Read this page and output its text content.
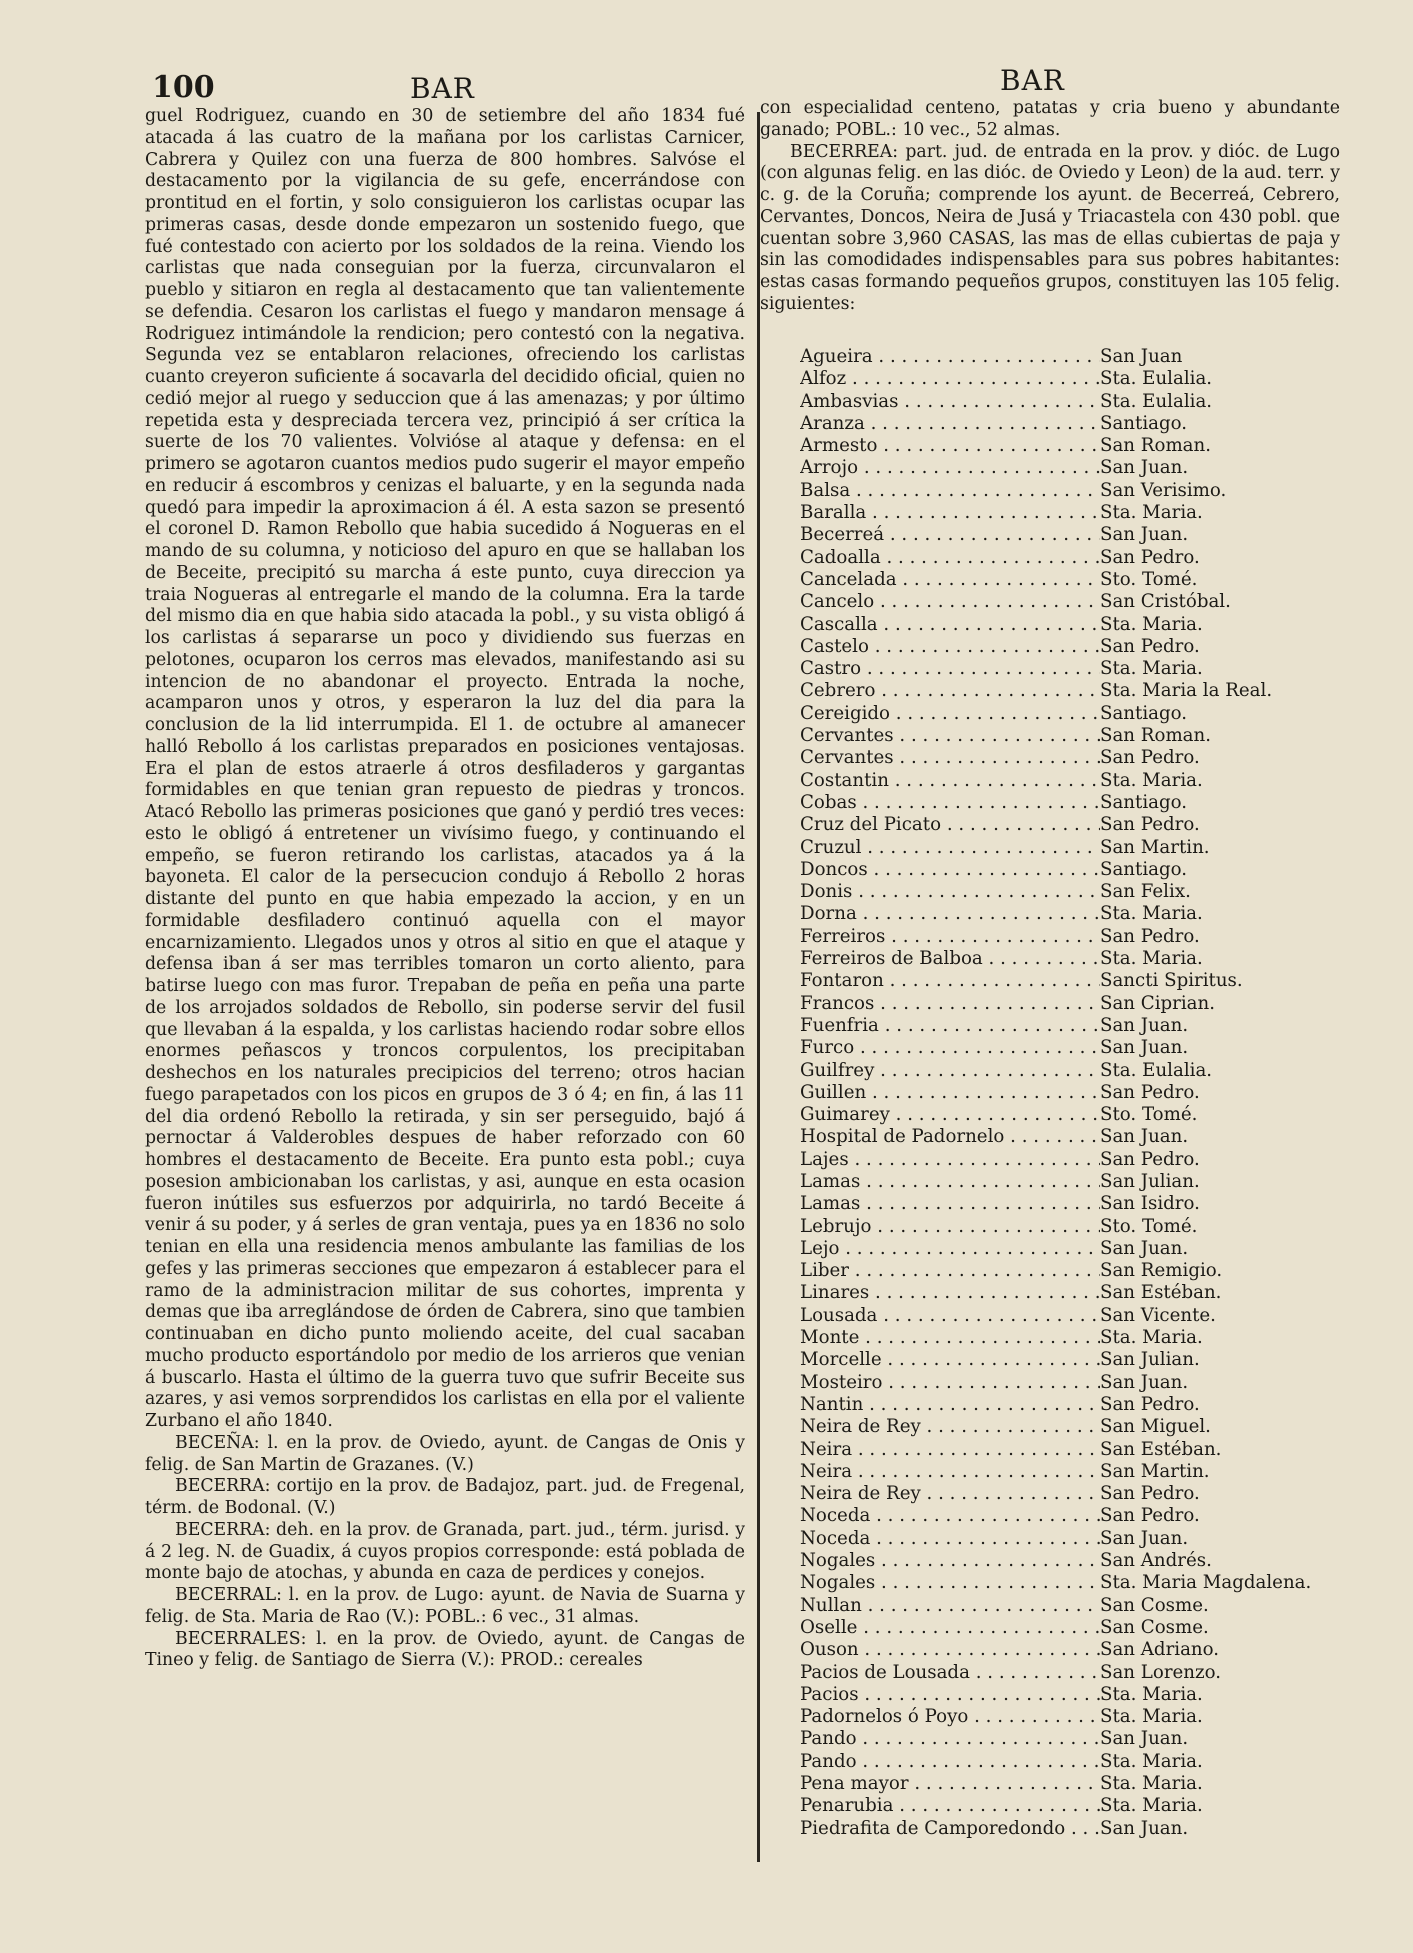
100	BAR	BAR

guel Rodriguez, cuando en 30 de setiembre del año 1834 fué atacada á las cuatro de la mañana por los carlistas Carnicer, Cabrera y Quilez con una fuerza de 800 hombres. Salvóse el destacamento por la vigilancia de su gefe, encerrándose con prontitud en el fortin, y solo consiguieron los carlistas ocupar las primeras casas, desde donde empezaron un sostenido fuego, que fué contestado con acierto por los soldados de la reina. Viendo los carlistas que nada conseguian por la fuerza, circunvalaron el pueblo y sitiaron en regla al destacamento que tan valientemente se defendia. Cesaron los carlistas el fuego y mandaron mensage á Rodriguez intimándole la rendicion; pero contestó con la negativa. Segunda vez se entablaron relaciones, ofreciendo los carlistas cuanto creyeron suficiente á socavarla del decidido oficial, quien no cedió mejor al ruego y seduccion que á las amenazas; y por último repetida esta y despreciada tercera vez, principió á ser crítica la suerte de los 70 valientes. Volvióse al ataque y defensa: en el primero se agotaron cuantos medios pudo sugerir el mayor empeño en reducir á escombros y cenizas el baluarte, y en la segunda nada quedó para impedir la aproximacion á él. A esta sazon se presentó el coronel D. Ramon Rebollo que habia sucedido á Nogueras en el mando de su columna, y noticioso del apuro en que se hallaban los de Beceite, precipitó su marcha á este punto, cuya direccion ya traia Nogueras al entregarle el mando de la columna. Era la tarde del mismo dia en que habia sido atacada la pobl., y su vista obligó á los carlistas á separarse un poco y dividiendo sus fuerzas en pelotones, ocuparon los cerros mas elevados, manifestando asi su intencion de no abandonar el proyecto. Entrada la noche, acamparon unos y otros, y esperaron la luz del dia para la conclusion de la lid interrumpida. El 1. de octubre al amanecer halló Rebollo á los carlistas preparados en posiciones ventajosas. Era el plan de estos atraerle á otros desfiladeros y gargantas formidables en que tenian gran repuesto de piedras y troncos. Atacó Rebollo las primeras posiciones que ganó y perdió tres veces: esto le obligó á entretener un vivísimo fuego, y continuando el empeño, se fueron retirando los carlistas, atacados ya á la bayoneta. El calor de la persecucion condujo á Rebollo 2 horas distante del punto en que habia empezado la accion, y en un formidable desfiladero continuó aquella con el mayor encarnizamiento. Llegados unos y otros al sitio en que el ataque y defensa iban á ser mas terribles tomaron un corto aliento, para batirse luego con mas furor. Trepaban de peña en peña una parte de los arrojados soldados de Rebollo, sin poderse servir del fusil que llevaban á la espalda, y los carlistas haciendo rodar sobre ellos enormes peñascos y troncos corpulentos, los precipitaban deshechos en los naturales precipicios del terreno; otros hacian fuego parapetados con los picos en grupos de 3 ó 4; en fin, á las 11 del dia ordenó Rebollo la retirada, y sin ser perseguido, bajó á pernoctar á Valderobles despues de haber reforzado con 60 hombres el destacamento de Beceite. Era punto esta pobl.; cuya posesion ambicionaban los carlistas, y asi, aunque en esta ocasion fueron inútiles sus esfuerzos por adquirirla, no tardó Beceite á venir á su poder, y á serles de gran ventaja, pues ya en 1836 no solo tenian en ella una residencia menos ambulante las familias de los gefes y las primeras secciones que empezaron á establecer para el ramo de la administracion militar de sus cohortes, imprenta y demas que iba arreglándose de órden de Cabrera, sino que tambien continuaban en dicho punto moliendo aceite, del cual sacaban mucho producto esportándolo por medio de los arrieros que venian á buscarlo. Hasta el último de la guerra tuvo que sufrir Beceite sus azares, y asi vemos sorprendidos los carlistas en ella por el valiente Zurbano el año 1840.

BECEÑA: l. en la prov. de Oviedo, ayunt. de Cangas de Onis y felig. de San Martin de Grazanes. (V.)

BECERRA: cortijo en la prov. de Badajoz, part. jud. de Fregenal, térm. de Bodonal. (V.)

BECERRA: deh. en la prov. de Granada, part. jud., térm. jurisd. y á 2 leg. N. de Guadix, á cuyos propios corresponde: está poblada de monte bajo de atochas, y abunda en caza de perdices y conejos.

BECERRAL: l. en la prov. de Lugo: ayunt. de Navia de Suarna y felig. de Sta. Maria de Rao (V.): POBL.: 6 vec., 31 almas.

BECERRALES: l. en la prov. de Oviedo, ayunt. de Cangas de Tineo y felig. de Santiago de Sierra (V.): PROD.: cereales

con especialidad centeno, patatas y cria bueno y abundante ganado; POBL.: 10 vec., 52 almas.

BECERREA: part. jud. de entrada en la prov. y dióc. de Lugo (con algunas felig. en las dióc. de Oviedo y Leon) de la aud. terr. y c. g. de la Coruña; comprende los ayunt. de Becerreá, Cebrero, Cervantes, Doncos, Neira de Jusá y Triacastela con 430 pobl. que cuentan sobre 3,960 CASAS, las mas de ellas cubiertas de paja y sin las comodidades indispensables para sus pobres habitantes: estas casas formando pequeños grupos, constituyen las 105 felig. siguientes:

Agueira . . .	San Juan
Alfoz . . .	Sta. Eulalia.
Ambasvias . . .	Sta. Eulalia.
Aranza . . .	Santiago.
Armesto . . .	San Roman.
Arrojo . . .	San Juan.
Balsa . . .	San Verisimo.
Baralla . . .	Sta. Maria.
Becerreá . . .	San Juan.
Cadoalla . . .	San Pedro.
Cancelada . . .	Sto. Tomé.
Cancelo . . .	San Cristóbal.
Cascalla . . .	Sta. Maria.
Castelo . . .	San Pedro.
Castro . . .	Sta. Maria.
Cebrero . . .	Sta. Maria la Real.
Cereigido . . .	Santiago.
Cervantes . . .	San Roman.
Cervantes . . .	San Pedro.
Costantin . . .	Sta. Maria.
Cobas . . .	Santiago.
Cruz del Picato . . .	San Pedro.
Cruzul . . .	San Martin.
Doncos . . .	Santiago.
Donis . . .	San Felix.
Dorna . . .	Sta. Maria.
Ferreiros . . .	San Pedro.
Ferreiros de Balboa . . .	Sta. Maria.
Fontaron . . .	Sancti Spiritus.
Francos . . .	San Ciprian.
Fuenfria . . .	San Juan.
Furco . . .	San Juan.
Guilfrey . . .	Sta. Eulalia.
Guillen . . .	San Pedro.
Guimarey . . .	Sto. Tomé.
Hospital de Padornelo . . .	San Juan.
Lajes . . .	San Pedro.
Lamas . . .	San Julian.
Lamas . . .	San Isidro.
Lebrujo . . .	Sto. Tomé.
Lejo . . .	San Juan.
Liber . . .	San Remigio.
Linares . . .	San Estéban.
Lousada . . .	San Vicente.
Monte . . .	Sta. Maria.
Morcelle . . .	San Julian.
Mosteiro . . .	San Juan.
Nantin . . .	San Pedro.
Neira de Rey . . .	San Miguel.
Neira . . .	San Estéban.
Neira . . .	San Martin.
Neira de Rey . . .	San Pedro.
Noceda . . .	San Pedro.
Noceda . . .	San Juan.
Nogales . . .	San Andrés.
Nogales . . .	Sta. Maria Magdalena.
Nullan . . .	San Cosme.
Oselle . . .	San Cosme.
Ouson . . .	San Adriano.
Pacios de Lousada . . .	San Lorenzo.
Pacios . . .	Sta. Maria.
Padornelos ó Poyo . . .	Sta. Maria.
Pando . . .	San Juan.
Pando . . .	Sta. Maria.
Pena mayor . . .	Sta. Maria.
Penarubia . . .	Sta. Maria.
Piedrafita de Camporedondo . . .	San Juan.
